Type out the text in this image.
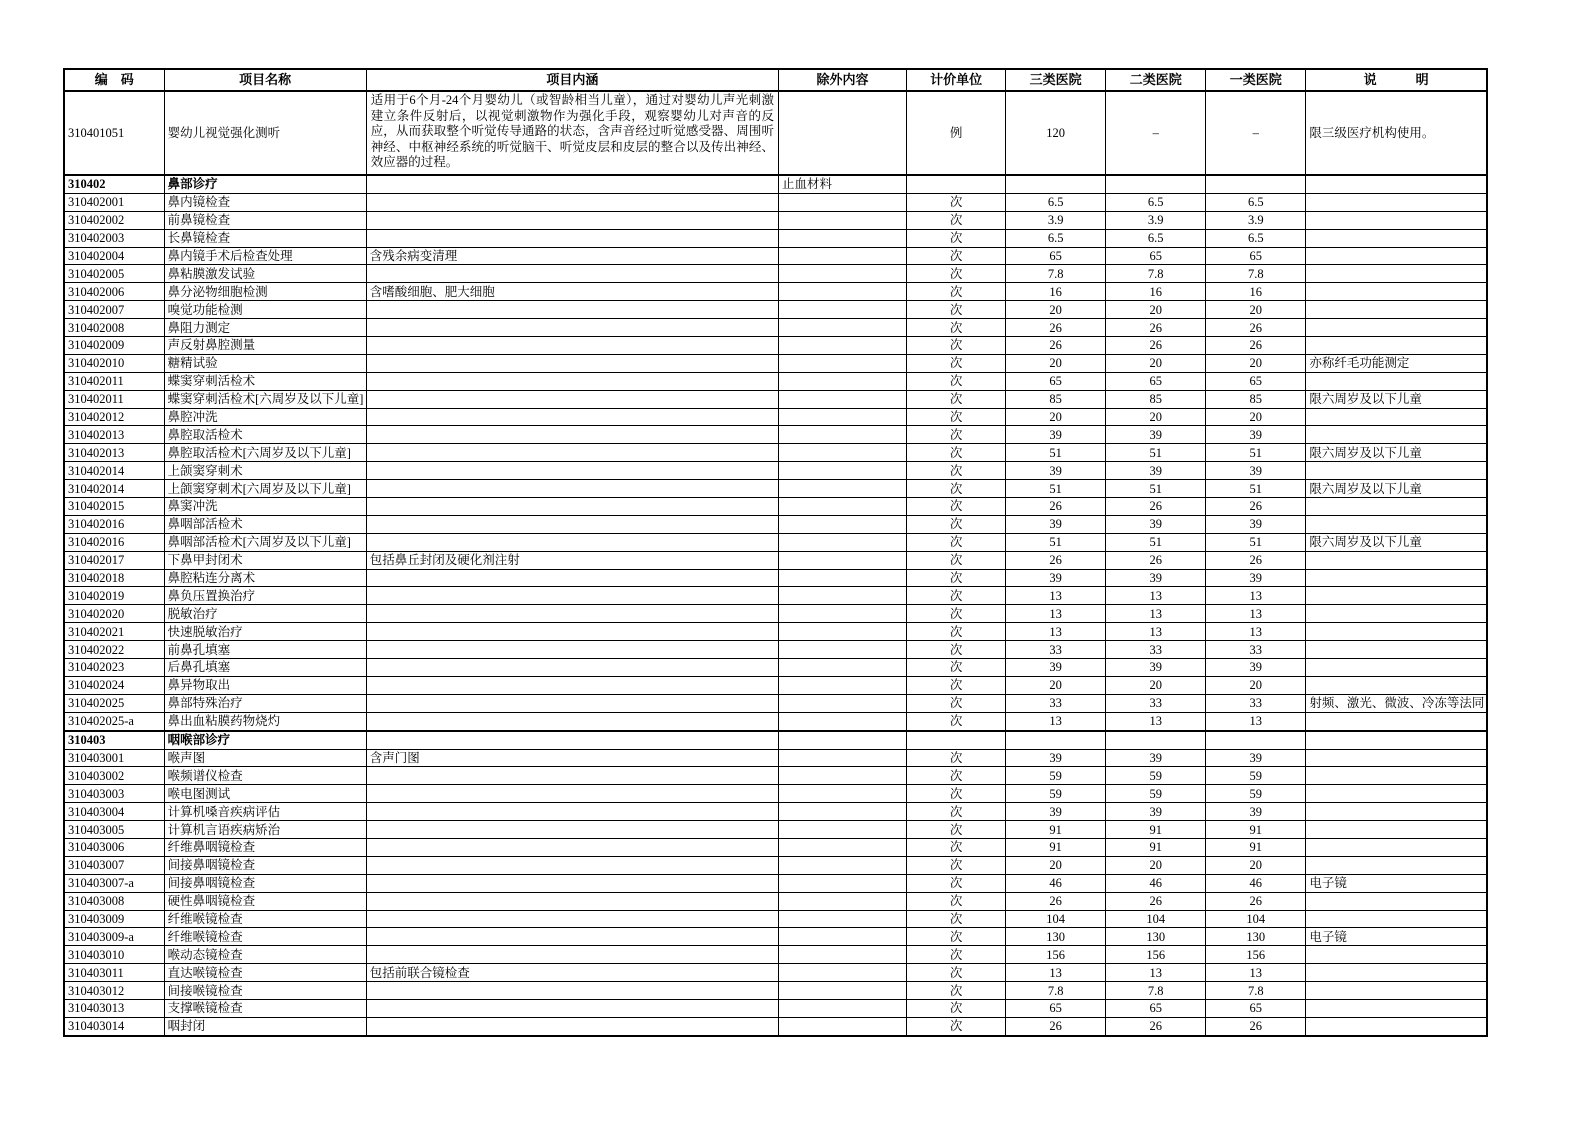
编　码	项目名称	项目内涵	除外内容	计价单位	三类医院	二类医院	一类医院	说　　　明
310401051	婴幼儿视觉强化测听	适用于6个月-24个月婴幼儿（或智龄相当儿童），通过对婴幼儿声光刺激建立条件反射后，以视觉刺激物作为强化手段，观察婴幼儿对声音的反应，从而获取整个听觉传导通路的状态，含声音经过听觉感受器、周围听神经、中枢神经系统的听觉脑干、听觉皮层和皮层的整合以及传出神经、效应器的过程。		例	120	–	–	限三级医疗机构使用。
310402	鼻部诊疗		止血材料					
310402001	鼻内镜检查			次	6.5	6.5	6.5	
310402002	前鼻镜检查			次	3.9	3.9	3.9	
310402003	长鼻镜检查			次	6.5	6.5	6.5	
310402004	鼻内镜手术后检查处理	含残余病变清理		次	65	65	65	
310402005	鼻粘膜激发试验			次	7.8	7.8	7.8	
310402006	鼻分泌物细胞检测	含嗜酸细胞、肥大细胞		次	16	16	16	
310402007	嗅觉功能检测			次	20	20	20	
310402008	鼻阻力测定			次	26	26	26	
310402009	声反射鼻腔测量			次	26	26	26	
310402010	糖精试验			次	20	20	20	亦称纤毛功能测定
310402011	蝶窦穿刺活检术			次	65	65	65	
310402011	蝶窦穿刺活检术[六周岁及以下儿童]			次	85	85	85	限六周岁及以下儿童
310402012	鼻腔冲洗			次	20	20	20	
310402013	鼻腔取活检术			次	39	39	39	
310402013	鼻腔取活检术[六周岁及以下儿童]			次	51	51	51	限六周岁及以下儿童
310402014	上颌窦穿刺术			次	39	39	39	
310402014	上颌窦穿刺术[六周岁及以下儿童]			次	51	51	51	限六周岁及以下儿童
310402015	鼻窦冲洗			次	26	26	26	
310402016	鼻咽部活检术			次	39	39	39	
310402016	鼻咽部活检术[六周岁及以下儿童]			次	51	51	51	限六周岁及以下儿童
310402017	下鼻甲封闭术	包括鼻丘封闭及硬化剂注射		次	26	26	26	
310402018	鼻腔粘连分离术			次	39	39	39	
310402019	鼻负压置换治疗			次	13	13	13	
310402020	脱敏治疗			次	13	13	13	
310402021	快速脱敏治疗			次	13	13	13	
310402022	前鼻孔填塞			次	33	33	33	
310402023	后鼻孔填塞			次	39	39	39	
310402024	鼻异物取出			次	20	20	20	
310402025	鼻部特殊治疗			次	33	33	33	射频、激光、微波、冷冻等法同
310402025-a	鼻出血粘膜药物烧灼			次	13	13	13	
310403	咽喉部诊疗							
310403001	喉声图	含声门图		次	39	39	39	
310403002	喉频谱仪检查			次	59	59	59	
310403003	喉电图测试			次	59	59	59	
310403004	计算机嗓音疾病评估			次	39	39	39	
310403005	计算机言语疾病矫治			次	91	91	91	
310403006	纤维鼻咽镜检查			次	91	91	91	
310403007	间接鼻咽镜检查			次	20	20	20	
310403007-a	间接鼻咽镜检查			次	46	46	46	电子镜
310403008	硬性鼻咽镜检查			次	26	26	26	
310403009	纤维喉镜检查			次	104	104	104	
310403009-a	纤维喉镜检查			次	130	130	130	电子镜
310403010	喉动态镜检查			次	156	156	156	
310403011	直达喉镜检查	包括前联合镜检查		次	13	13	13	
310403012	间接喉镜检查			次	7.8	7.8	7.8	
310403013	支撑喉镜检查			次	65	65	65	
310403014	咽封闭			次	26	26	26	
